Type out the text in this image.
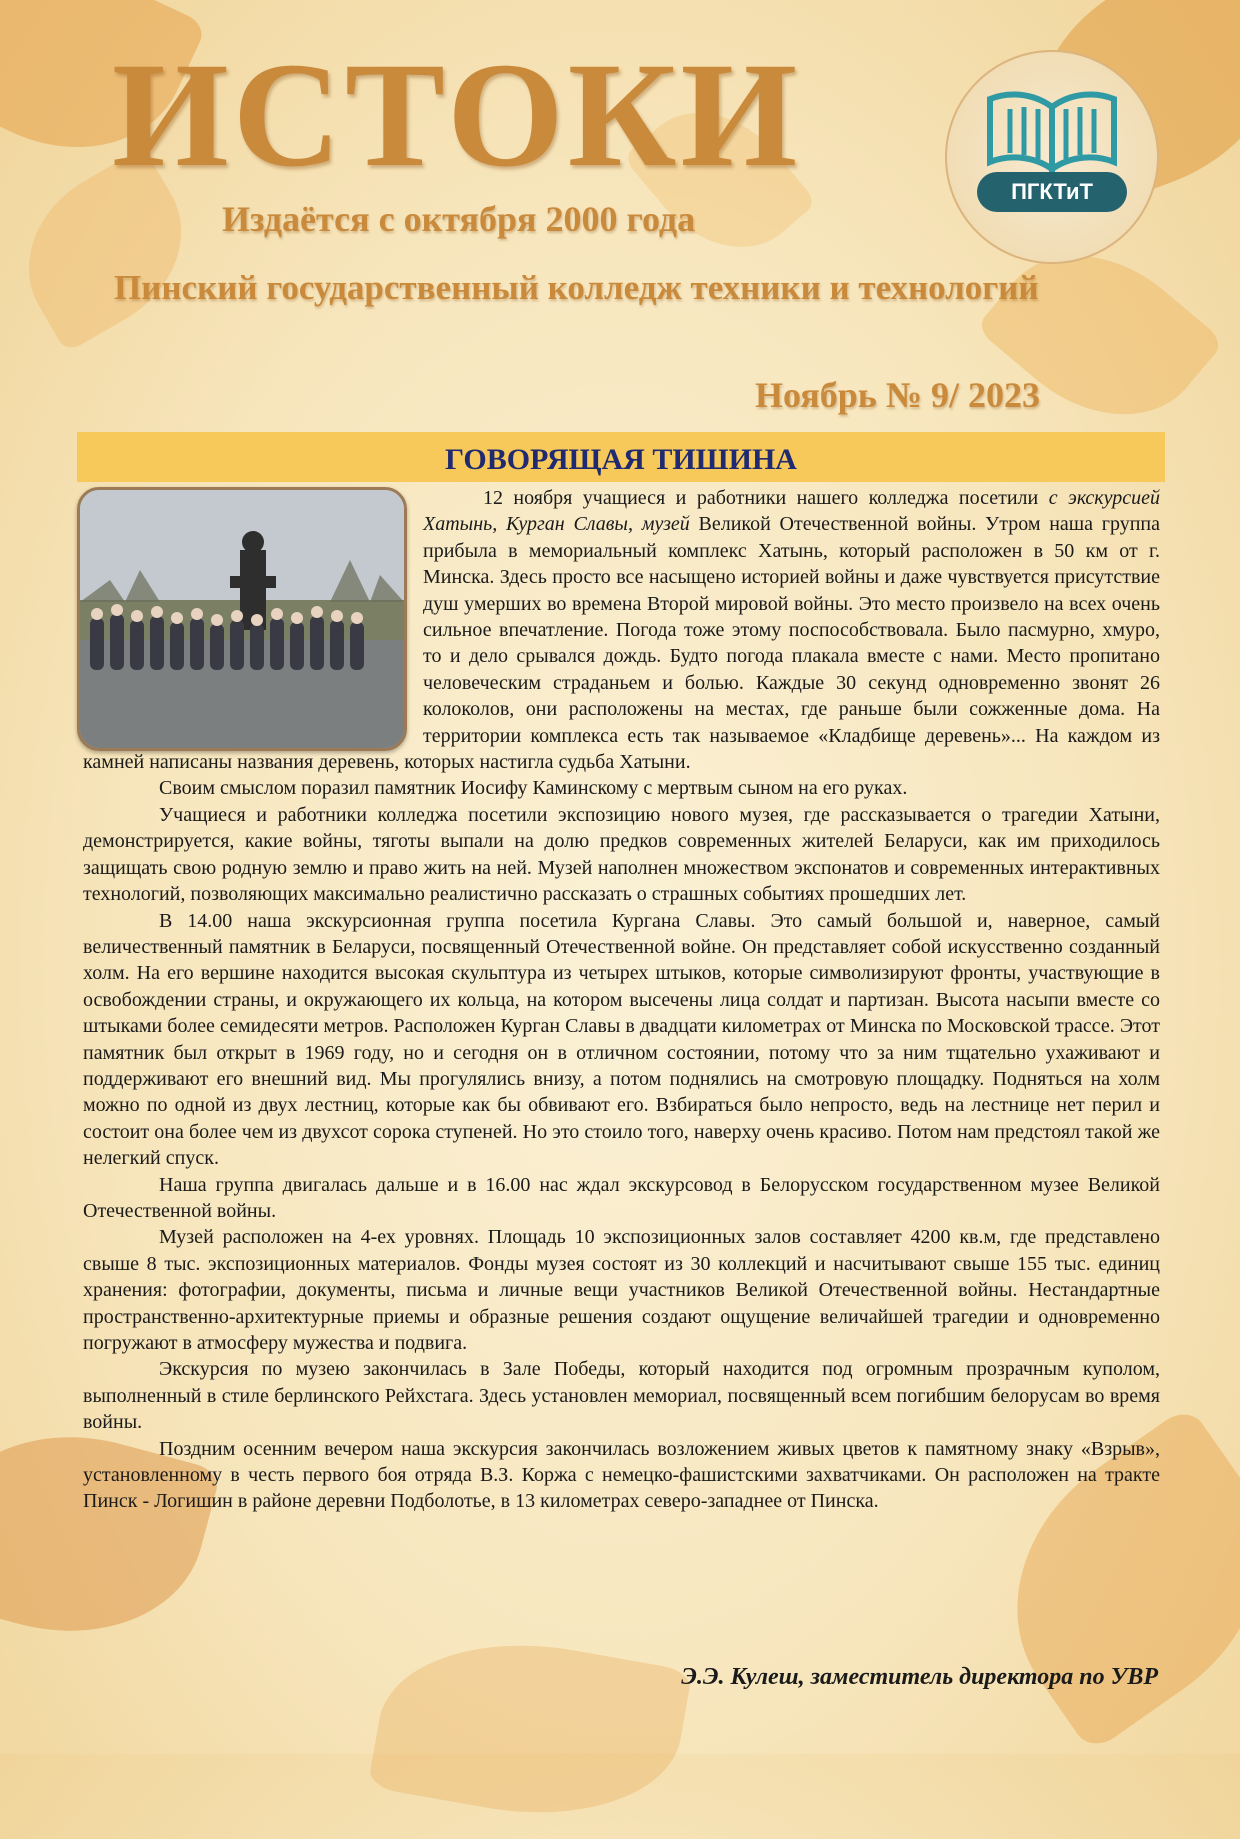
ИСТОКИ
Издаётся с октября 2000 года
Пинский государственный колледж техники и технологий
Ноябрь № 9/ 2023
ПГКТиТ
ГОВОРЯЩАЯ ТИШИНА

12 ноября учащиеся и работники нашего колледжа посетили с экскурсией Хатынь, Курган Славы, музей Великой Отечественной войны. Утром наша группа прибыла в мемориальный комплекс Хатынь, который расположен в 50 км от г. Минска. Здесь просто все насыщено историей войны и даже чувствуется присутствие душ умерших во времена Второй мировой войны. Это место произвело на всех очень сильное впечатление. Погода тоже этому поспособствовала. Было пасмурно, хмуро, то и дело срывался дождь. Будто погода плакала вместе с нами. Место пропитано человеческим страданьем и болью. Каждые 30 секунд одновременно звонят 26 колоколов, они расположены на местах, где раньше были сожженные дома. На территории комплекса есть так называемое «Кладбище деревень»... На каждом из камней написаны названия деревень, которых настигла судьба Хатыни.

Своим смыслом поразил памятник Иосифу Каминскому с мертвым сыном на его руках.

Учащиеся и работники колледжа посетили экспозицию нового музея, где рассказывается о трагедии Хатыни, демонстрируется, какие войны, тяготы выпали на долю предков современных жителей Беларуси, как им приходилось защищать свою родную землю и право жить на ней. Музей наполнен множеством экспонатов и современных интерактивных технологий, позволяющих максимально реалистично рассказать о страшных событиях прошедших лет.

В 14.00 наша экскурсионная группа посетила Кургана Славы. Это самый большой и, наверное, самый величественный памятник в Беларуси, посвященный Отечественной войне. Он представляет собой искусственно созданный холм. На его вершине находится высокая скульптура из четырех штыков, которые символизируют фронты, участвующие в освобождении страны, и окружающего их кольца, на котором высечены лица солдат и партизан. Высота насыпи вместе со штыками более семидесяти метров. Расположен Курган Славы в двадцати километрах от Минска по Московской трассе. Этот памятник был открыт в 1969 году, но и сегодня он в отличном состоянии, потому что за ним тщательно ухаживают и поддерживают его внешний вид. Мы прогулялись внизу, а потом поднялись на смотровую площадку. Подняться на холм можно по одной из двух лестниц, которые как бы обвивают его. Взбираться было непросто, ведь на лестнице нет перил и состоит она более чем из двухсот сорока ступеней. Но это стоило того, наверху очень красиво. Потом нам предстоял такой же нелегкий спуск.

Наша группа двигалась дальше и в 16.00 нас ждал экскурсовод в Белорусском государственном музее Великой Отечественной войны.

Музей расположен на 4-ех уровнях. Площадь 10 экспозиционных залов составляет 4200 кв.м, где представлено свыше 8 тыс. экспозиционных материалов. Фонды музея состоят из 30 коллекций и насчитывают свыше 155 тыс. единиц хранения: фотографии, документы, письма и личные вещи участников Великой Отечественной войны. Нестандартные пространственно-архитектурные приемы и образные решения создают ощущение величайшей трагедии и одновременно погружают в атмосферу мужества и подвига.

Экскурсия по музею закончилась в Зале Победы, который находится под огромным прозрачным куполом, выполненный в стиле берлинского Рейхстага. Здесь установлен мемориал, посвященный всем погибшим белорусам во время войны.

Поздним осенним вечером наша экскурсия закончилась возложением живых цветов к памятному знаку «Взрыв», установленному в честь первого боя отряда В.З. Коржа с немецко-фашистскими захватчиками. Он расположен на тракте Пинск - Логишин в районе деревни Подболотье, в 13 километрах северо-западнее от Пинска.

Э.Э. Кулеш, заместитель директора по УВР
